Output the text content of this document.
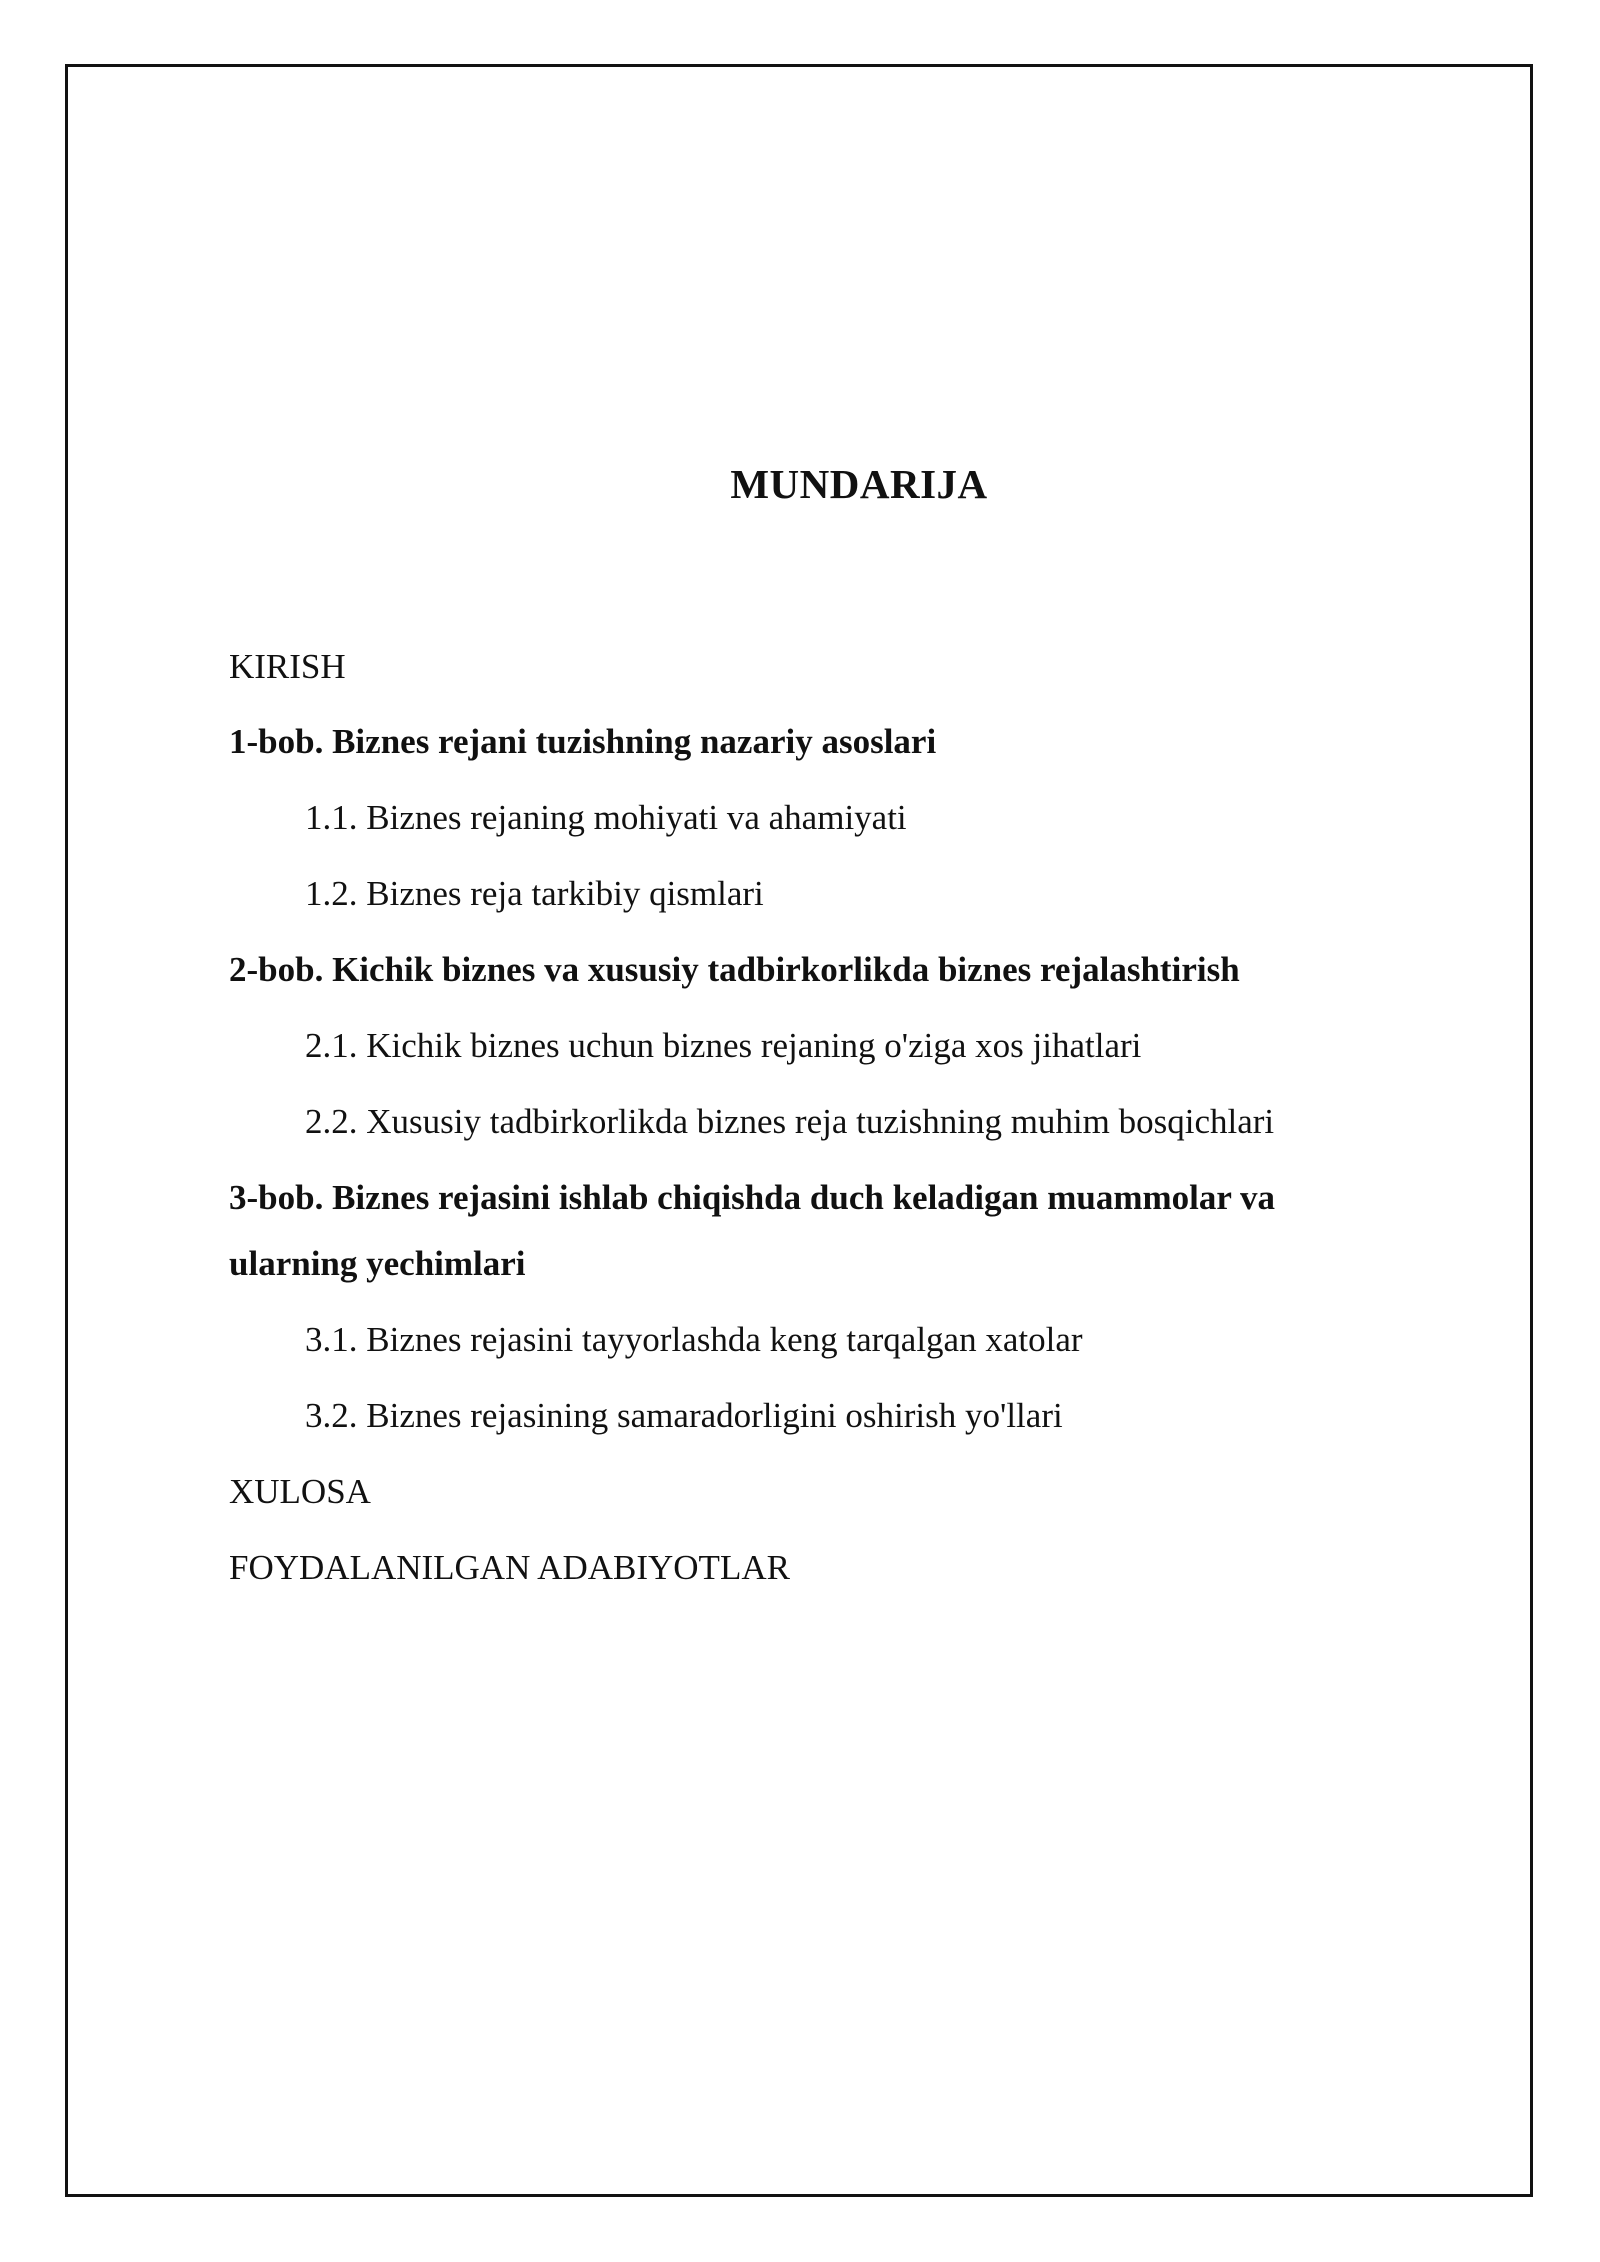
MUNDARIJA
KIRISH
1-bob. Biznes rejani tuzishning nazariy asoslari
1.1. Biznes rejaning mohiyati va ahamiyati
1.2. Biznes reja tarkibiy qismlari
2-bob. Kichik biznes va xususiy tadbirkorlikda biznes rejalashtirish
2.1. Kichik biznes uchun biznes rejaning o'ziga xos jihatlari
2.2. Xususiy tadbirkorlikda biznes reja tuzishning muhim bosqichlari
3-bob. Biznes rejasini ishlab chiqishda duch keladigan muammolar va
ularning yechimlari
3.1. Biznes rejasini tayyorlashda keng tarqalgan xatolar
3.2. Biznes rejasining samaradorligini oshirish yo'llari
XULOSA
FOYDALANILGAN ADABIYOTLAR
